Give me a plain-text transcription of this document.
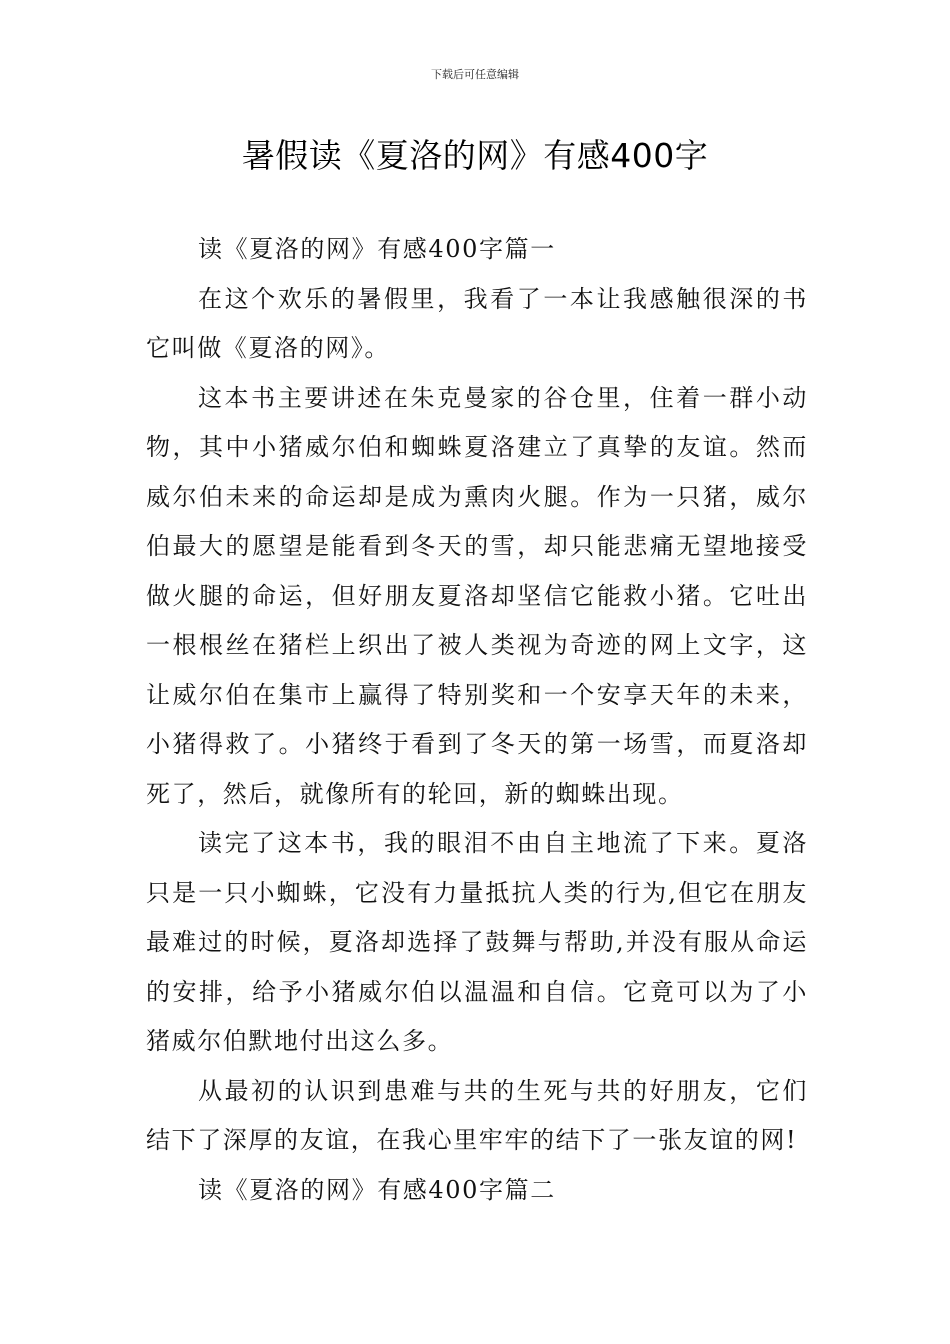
下载后可任意编辑
暑假读《夏洛的网》有感400字

读《夏洛的网》有感400字篇一

在这个欢乐的暑假里，我看了一本让我感触很深的书它叫做《夏洛的网》。

这本书主要讲述在朱克曼家的谷仓里，住着一群小动物，其中小猪威尔伯和蜘蛛夏洛建立了真挚的友谊。然而威尔伯未来的命运却是成为熏肉火腿。作为一只猪，威尔伯最大的愿望是能看到冬天的雪，却只能悲痛无望地接受做火腿的命运，但好朋友夏洛却坚信它能救小猪。它吐出一根根丝在猪栏上织出了被人类视为奇迹的网上文字，这让威尔伯在集市上赢得了特别奖和一个安享天年的未来，小猪得救了。小猪终于看到了冬天的第一场雪，而夏洛却死了，然后，就像所有的轮回，新的蜘蛛出现。

读完了这本书，我的眼泪不由自主地流了下来。夏洛只是一只小蜘蛛，它没有力量抵抗人类的行为,但它在朋友最难过的时候，夏洛却选择了鼓舞与帮助,并没有服从命运的安排，给予小猪威尔伯以温温和自信。它竟可以为了小猪威尔伯默地付出这么多。

从最初的认识到患难与共的生死与共的好朋友，它们结下了深厚的友谊，在我心里牢牢的结下了一张友谊的网!

读《夏洛的网》有感400字篇二
